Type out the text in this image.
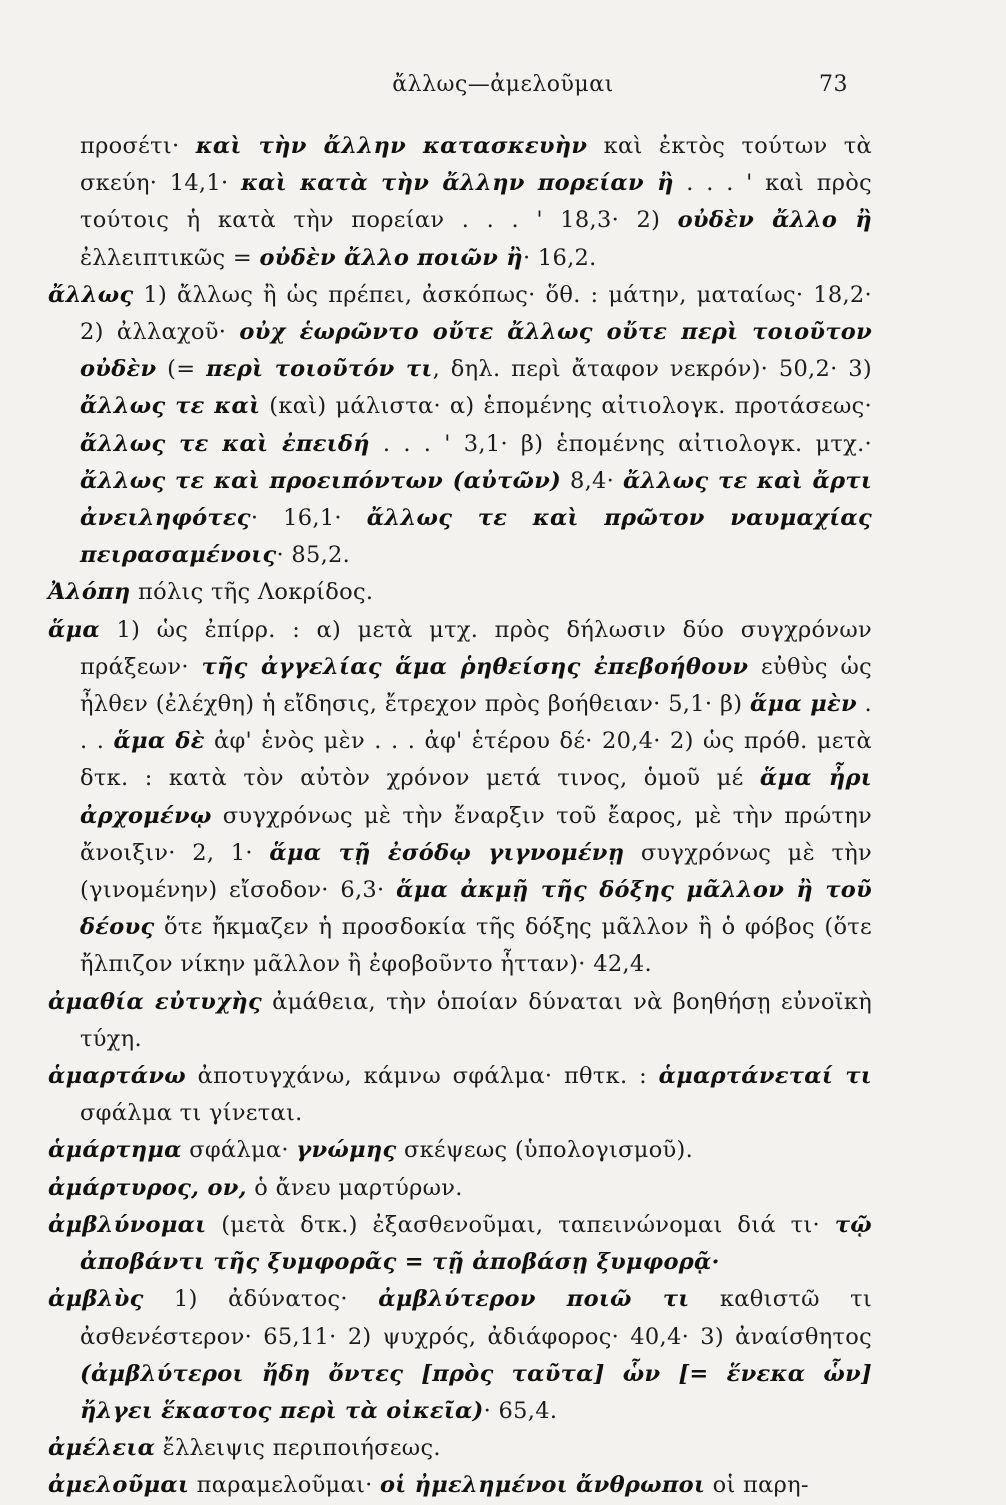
ἄλλως—ἀμελοῦμαι	73

προσέτι· καὶ τὴν ἄλλην κατασκευὴν καὶ ἐκτὸς τούτων τὰ σκεύη· 14,1· καὶ κατὰ τὴν ἄλλην πορείαν ἢ . . . ' καὶ πρὸς τούτοις ἡ κατὰ τὴν πορείαν . . . ' 18,3· 2) οὐδὲν ἄλλο ἢ ἐλλειπτικῶς = οὐδὲν ἄλλο ποιῶν ἢ· 16,2.

ἄλλως 1) ἄλλως ἢ ὡς πρέπει, ἀσκόπως· ὅθ. : μάτην, ματαίως· 18,2· 2) ἀλλαχοῦ· οὐχ ἑωρῶντο οὔτε ἄλλως οὔτε περὶ τοιοῦτον οὐδὲν (= περὶ τοιοῦτόν τι, δηλ. περὶ ἄταφον νεκρόν)· 50,2· 3) ἄλλως τε καὶ (καὶ) μάλιστα· α) ἑπομένης αἰτιολογκ. προτάσεως· ἄλλως τε καὶ ἐπειδή . . . ' 3,1· β) ἑπομένης αἰτιολογκ. μτχ.· ἄλλως τε καὶ προειπόντων (αὐτῶν) 8,4· ἄλλως τε καὶ ἄρτι ἀνειληφότες· 16,1· ἄλλως τε καὶ πρῶτον ναυμαχίας πειρασαμένοις· 85,2.

Ἀλόπη πόλις τῆς Λοκρίδος.

ἅμα 1) ὡς ἐπίρρ. : α) μετὰ μτχ. πρὸς δήλωσιν δύο συγχρόνων πράξεων· τῆς ἀγγελίας ἅμα ῥηθείσης ἐπεβοήθουν εὐθὺς ὡς ἦλθεν (ἐλέχθη) ἡ εἴδησις, ἔτρεχον πρὸς βοήθειαν· 5,1· β) ἅμα μὲν . . . ἅμα δὲ ἀφ' ἑνὸς μὲν . . . ἀφ' ἑτέρου δέ· 20,4· 2) ὡς πρόθ. μετὰ δτκ. : κατὰ τὸν αὐτὸν χρόνον μετά τινος, ὁμοῦ μέ ἅμα ἦρι ἀρχομένῳ συγχρόνως μὲ τὴν ἔναρξιν τοῦ ἔαρος, μὲ τὴν πρώτην ἄνοιξιν· 2, 1· ἅμα τῇ ἐσόδῳ γιγνομένῃ συγχρόνως μὲ τὴν (γινομένην) εἴσοδον· 6,3· ἅμα ἀκμῇ τῆς δόξης μᾶλλον ἢ τοῦ δέους ὅτε ἤκμαζεν ἡ προσδοκία τῆς δόξης μᾶλλον ἢ ὁ φόβος (ὅτε ἤλπιζον νίκην μᾶλλον ἢ ἐφοβοῦντο ἧτταν)· 42,4.

ἀμαθία εὐτυχὴς ἀμάθεια, τὴν ὁποίαν δύναται νὰ βοηθήσῃ εὐνοϊκὴ τύχη.

ἁμαρτάνω ἀποτυγχάνω, κάμνω σφάλμα· πθτκ. : ἁμαρτάνεταί τι σφάλμα τι γίνεται.

ἁμάρτημα σφάλμα· γνώμης σκέψεως (ὑπολογισμοῦ).

ἀμάρτυρος, ον, ὁ ἄνευ μαρτύρων.

ἀμβλύνομαι (μετὰ δτκ.) ἐξασθενοῦμαι, ταπεινώνομαι διά τι· τῷ ἀποβάντι τῆς ξυμφορᾶς = τῇ ἀποβάσῃ ξυμφορᾷ·

ἀμβλὺς 1) ἀδύνατος· ἀμβλύτερον ποιῶ τι καθιστῶ τι ἀσθενέστερον· 65,11· 2) ψυχρός, ἀδιάφορος· 40,4· 3) ἀναίσθητος (ἀμβλύτεροι ἤδη ὄντες [πρὸς ταῦτα] ὧν [= ἕνεκα ὧν] ἤλγει ἕκαστος περὶ τὰ οἰκεῖα)· 65,4.

ἀμέλεια ἔλλειψις περιποιήσεως.

ἀμελοῦμαι παραμελοῦμαι· οἱ ἠμελημένοι ἄνθρωποι οἱ παρη-
